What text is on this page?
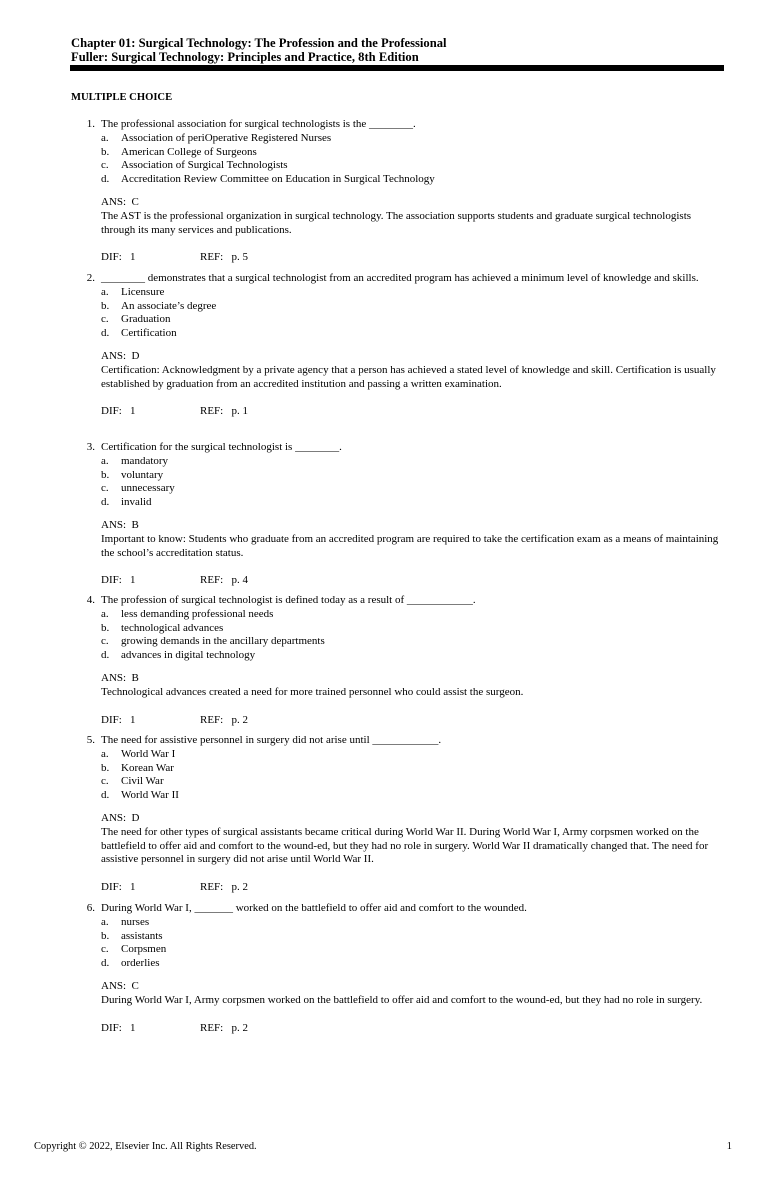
Chapter 01: Surgical Technology: The Profession and the Professional
Fuller: Surgical Technology: Principles and Practice, 8th Edition
MULTIPLE CHOICE
1. The professional association for surgical technologists is the ________.
a.	Association of periOperative Registered Nurses
b.	American College of Surgeons
c.	Association of Surgical Technologists
d.	Accreditation Review Committee on Education in Surgical Technology
ANS:  C

The AST is the professional organization in surgical technology. The association supports students and graduate surgical technologists through its many services and publications.

DIF:   1	REF:   p. 5
2. ________ demonstrates that a surgical technologist from an accredited program has achieved a minimum level of knowledge and skills.
a.	Licensure
b.	An associate’s degree
c.	Graduation
d.	Certification
ANS:  D

Certification: Acknowledgment by a private agency that a person has achieved a stated level of knowledge and skill. Certification is usually established by graduation from an accredited institution and passing a written examination.

DIF:   1	REF:   p. 1
3. Certification for the surgical technologist is ________.
a.	mandatory
b.	voluntary
c.	unnecessary
d.	invalid
ANS:  B

Important to know: Students who graduate from an accredited program are required to take the certification exam as a means of maintaining the school’s accreditation status.

DIF:   1	REF:   p. 4
4. The profession of surgical technologist is defined today as a result of ____________.
a.	less demanding professional needs
b.	technological advances
c.	growing demands in the ancillary departments
d.	advances in digital technology
ANS:  B

Technological advances created a need for more trained personnel who could assist the surgeon.

DIF:   1	REF:   p. 2
5. The need for assistive personnel in surgery did not arise until ____________.
a.	World War I
b.	Korean War
c.	Civil War
d.	World War II
ANS:  D

The need for other types of surgical assistants became critical during World War II. During World War I, Army corpsmen worked on the battlefield to offer aid and comfort to the wound-ed, but they had no role in surgery. World War II dramatically changed that. The need for assistive personnel in surgery did not arise until World War II.

DIF:   1	REF:   p. 2
6. During World War I, _______ worked on the battlefield to offer aid and comfort to the wounded.
a.	nurses
b.	assistants
c.	Corpsmen
d.	orderlies
ANS:  C

During World War I, Army corpsmen worked on the battlefield to offer aid and comfort to the wound-ed, but they had no role in surgery.

DIF:   1	REF:   p. 2
Copyright © 2022, Elsevier Inc. All Rights Reserved.	1
